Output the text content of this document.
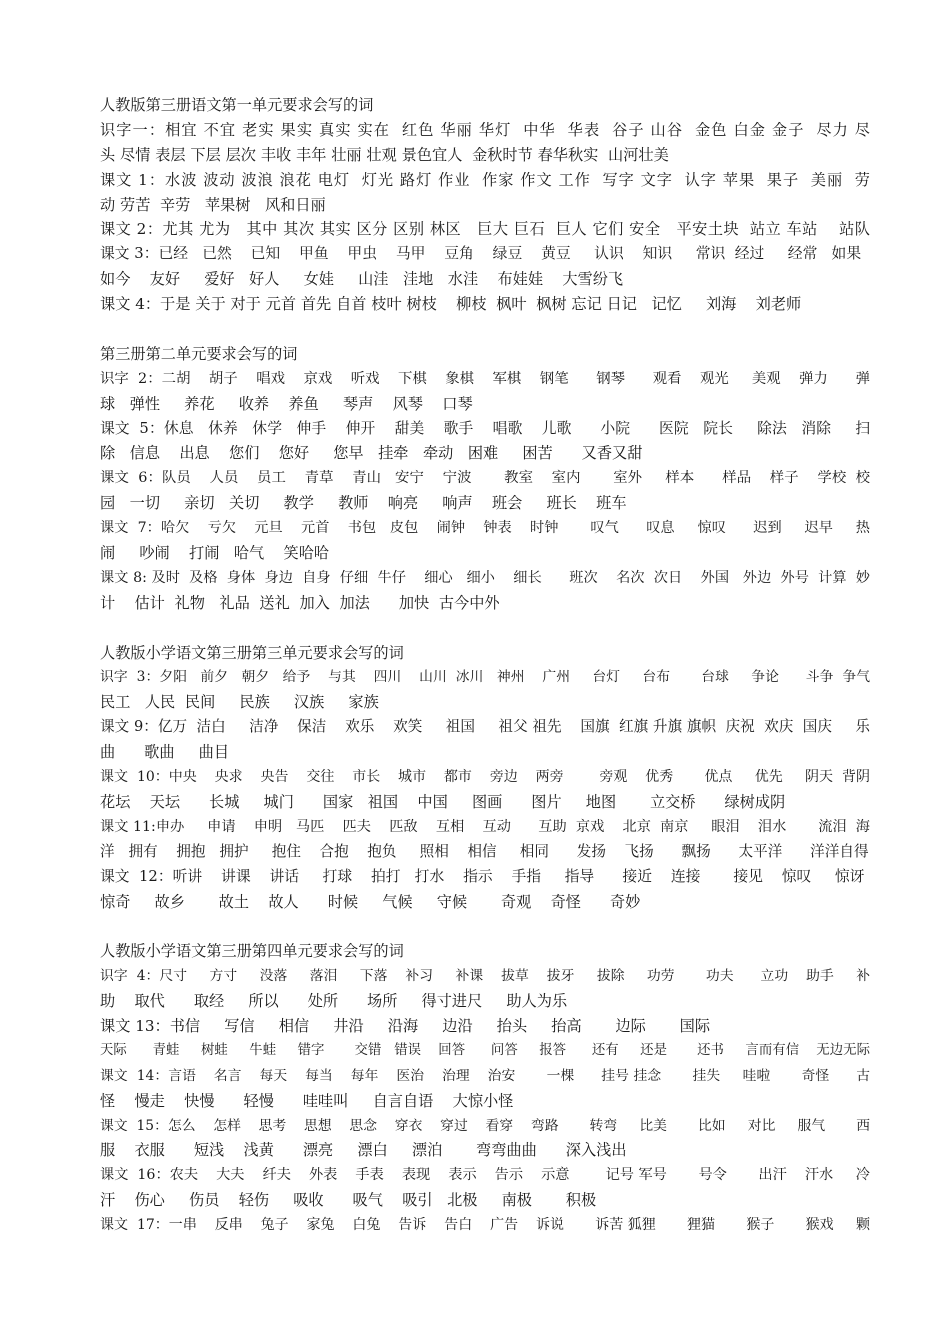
人教版第三册语文第一单元要求会写的词
识字一：相宜 不宜 老实 果实 真实 实在  红色 华丽 华灯  中华  华表  谷子 山谷  金色 白金 金子  尽力 尽
头 尽情 表层 下层 层次 丰收 丰年 壮丽 壮观 景色宜人  金秋时节 春华秋实  山河壮美
课文 1：水波 波动 波浪 浪花 电灯  灯光 路灯 作业  作家 作文 工作  写字 文字  认字 苹果  果子  美丽  劳
动 劳苦  辛劳   苹果树   风和日丽
课文 2：尤其 尤为   其中 其次 其实 区分 区别 林区   巨大 巨石  巨人 它们 安全   平安土块  站立 车站    站队
课文 3：已经   已然    已知    甲鱼    甲虫    马甲    豆角    绿豆    黄豆     认识    知识     常识  经过     经常   如果
如今    友好     爱好   好人     女娃     山洼   洼地   水洼    布娃娃    大雪纷飞
课文 4：于是 关于 对于 元首 首先 自首 枝叶 树枝    柳枝  枫叶  枫树 忘记 日记   记忆     刘海    刘老师
第三册第二单元要求会写的词
识字  2：二胡    胡子    唱戏    京戏    听戏    下棋    象棋    军棋    钢笔      钢琴      观看    观光     美观    弹力      弹
球   弹性     养花     收养    养鱼     琴声    风琴    口琴
课文  5：休息   休养   休学   伸手    伸开    甜美    歌手    唱歌    儿歌      小院      医院   院长     除法   消除     扫
除   信息    出息    您们    您好     您早   挂牵   牵动   困难     困苦      又香又甜
课文  6：队员    人员    员工    青草    青山   安宁    宁波       教室    室内       室外     样本      样品    样子    学校  校
园   一切     亲切   关切     教学     教师    响亮     响声    班会     班长    班车
课文  7：哈欠    亏欠    元旦    元首    书包   皮包    闹钟    钟表    时钟       叹气      叹息     惊叹      迟到     迟早     热
闹     吵闹    打闹   哈气    笑哈哈
课文 8: 及时  及格  身体  身边  自身  仔细  牛仔    细心   细小    细长      班次    名次  次日    外国   外边  外号  计算  妙
计    估计  礼物   礼品  送礼  加入  加法      加快  古今中外
人教版小学语文第三册第三单元要求会写的词
识字  3：夕阳   前夕   朝夕   给予    与其    四川    山川  冰川   神州    广州     台灯     台布       台球     争论      斗争  争气
民工   人民  民间     民族     汉族     家族
课文 9：亿万  洁白     洁净    保洁    欢乐    欢笑     祖国     祖父 祖先    国旗  红旗 升旗 旗帜  庆祝  欢庆  国庆     乐
曲      歌曲     曲目
课文  10：中央    央求    央告    交往    市长    城市    都市    旁边    两旁        旁观    优秀       优点     优先     阴天  背阴
花坛    天坛      长城     城门      国家   祖国    中国     图画      图片     地图       立交桥      绿树成阴
课文 11:申办     申请    申明   马匹    匹夫    匹敌    互相    互动      互助  京戏    北京  南京     眼泪    泪水       流泪  海
洋   拥有    拥抱   拥护     抱住    合抱    抱负     照相    相信     相同      发扬    飞扬      飘扬      太平洋      洋洋自得
课文  12：听讲    讲课    讲话     打球    拍打   打水    指示    手指     指导      接近    连接       接见    惊叹     惊讶
惊奇     故乡       故土    故人      时候     气候     守候       奇观    奇怪      奇妙
人教版小学语文第三册第四单元要求会写的词
识字  4：尺寸     方寸     没落     落泪     下落    补习     补课    拔草    拔牙     拔除     功劳       功夫      立功    助手     补
助    取代      取经     所以      处所      场所     得寸进尺     助人为乐
课文 13：书信     写信     相信     井沿     沿海     边沿     抬头     抬高       边际       国际
天际      青蛙     树蛙     牛蛙     错字       交错   错误    回答      问答     报答      还有     还是       还书     言而有信    无边无际
课文  14：言语    名言    每天    每当    每年    医治    治理    治安       一棵      挂号 挂念       挂失     哇啦       奇怪      古
怪    慢走    快慢      轻慢      哇哇叫     自言自语    大惊小怪
课文  15：怎么    怎样    思考    思想    思念    穿衣    穿过    看穿    弯路       转弯     比美       比如     对比     服气       西
服    衣服      短浅    浅黄      漂亮     漂白     漂泊       弯弯曲曲      深入浅出
课文  16：农夫    大夫    纤夫    外表    手表    表现    表示    告示    示意        记号 军号       号令       出汗    汗水     冷
汗    伤心     伤员    轻伤     吸收      吸气    吸引   北极     南极       积极
课文  17：一串    反串    兔子    家兔    白兔    告诉    告白    广告    诉说       诉苦 狐狸       狸猫       猴子       猴戏     颗
